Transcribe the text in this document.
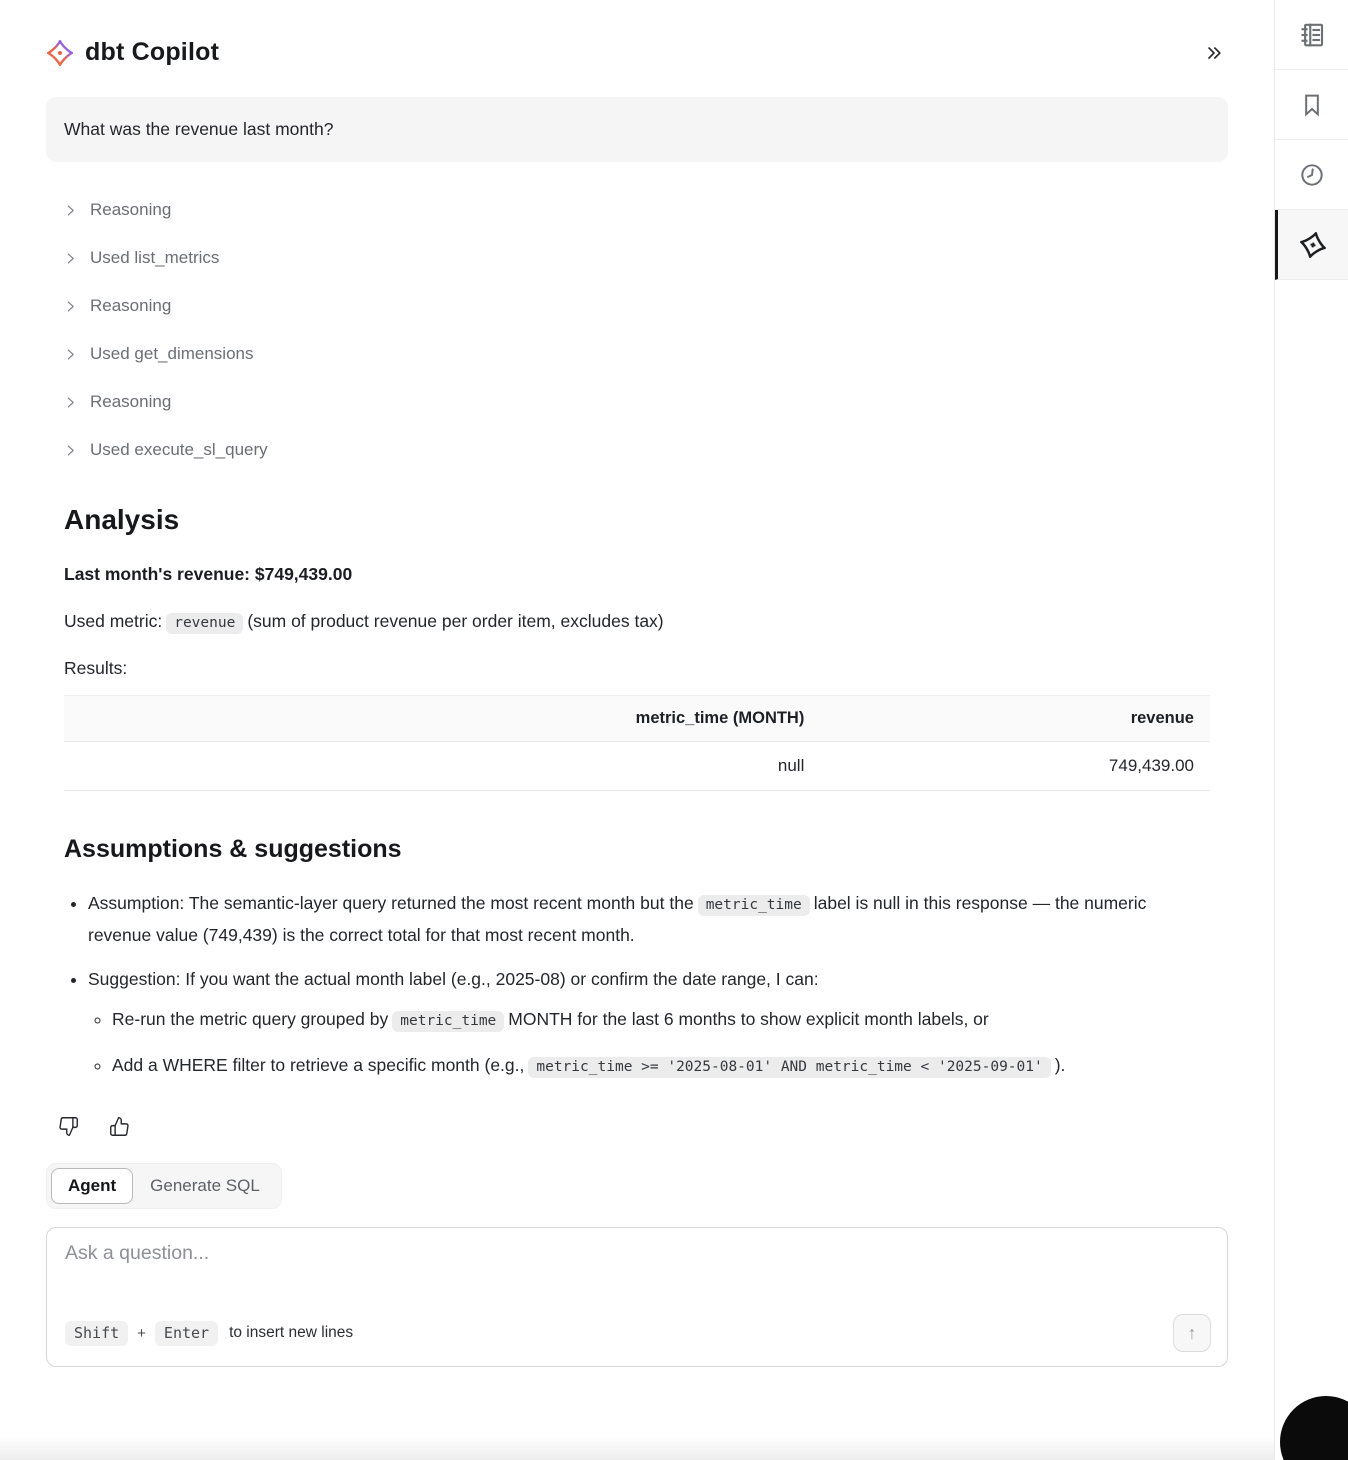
dbt Copilot
What was the revenue last month?
Reasoning
Used list_metrics
Reasoning
Used get_dimensions
Reasoning
Used execute_sl_query
Analysis
Last month's revenue: $749,439.00
Used metric: revenue (sum of product revenue per order item, excludes tax)
Results:
metric_time (MONTH)	revenue
null	749,439.00
Assumptions & suggestions
• Assumption: The semantic-layer query returned the most recent month but the metric_time label is null in this response — the numeric revenue value (749,439) is the correct total for that most recent month.
• Suggestion: If you want the actual month label (e.g., 2025-08) or confirm the date range, I can:
◦ Re-run the metric query grouped by metric_time MONTH for the last 6 months to show explicit month labels, or
◦ Add a WHERE filter to retrieve a specific month (e.g., metric_time >= '2025-08-01' AND metric_time < '2025-09-01' ).
Agent	Generate SQL
Ask a question...
Shift	+	Enter	to insert new lines	↑
